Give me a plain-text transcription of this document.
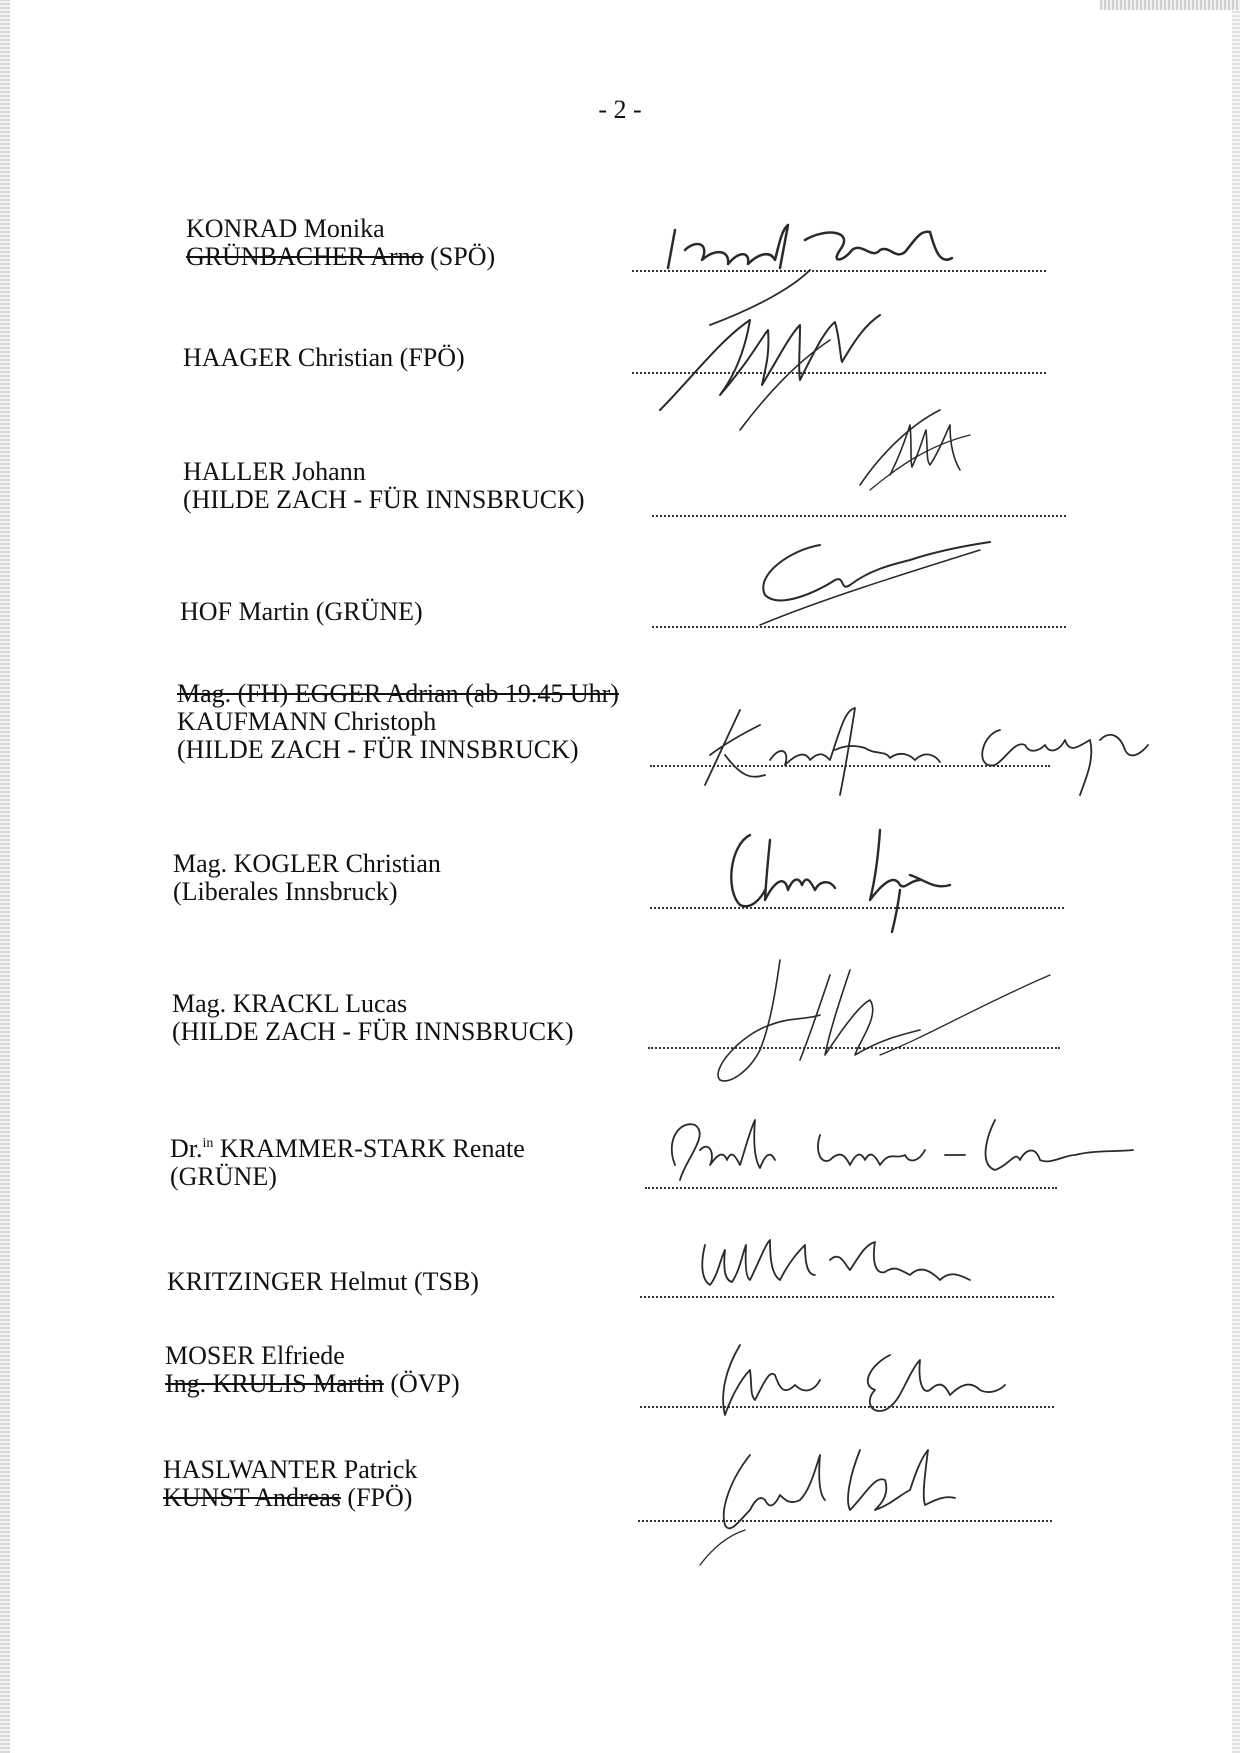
- 2 -
KONRAD Monika
GRÜNBACHER Arno (SPÖ)
HAAGER Christian (FPÖ)
HALLER Johann
(HILDE ZACH - FÜR INNSBRUCK)
HOF Martin (GRÜNE)
Mag. (FH) EGGER Adrian (ab 19.45 Uhr)
KAUFMANN Christoph
(HILDE ZACH - FÜR INNSBRUCK)
Mag. KOGLER Christian
(Liberales Innsbruck)
Mag. KRACKL Lucas
(HILDE ZACH - FÜR INNSBRUCK)
Dr.$^{in}$ KRAMMER-STARK Renate
(GRÜNE)
KRITZINGER Helmut (TSB)
MOSER Elfriede
Ing. KRULIS Martin (ÖVP)
HASLWANTER Patrick
KUNST Andreas (FPÖ)
